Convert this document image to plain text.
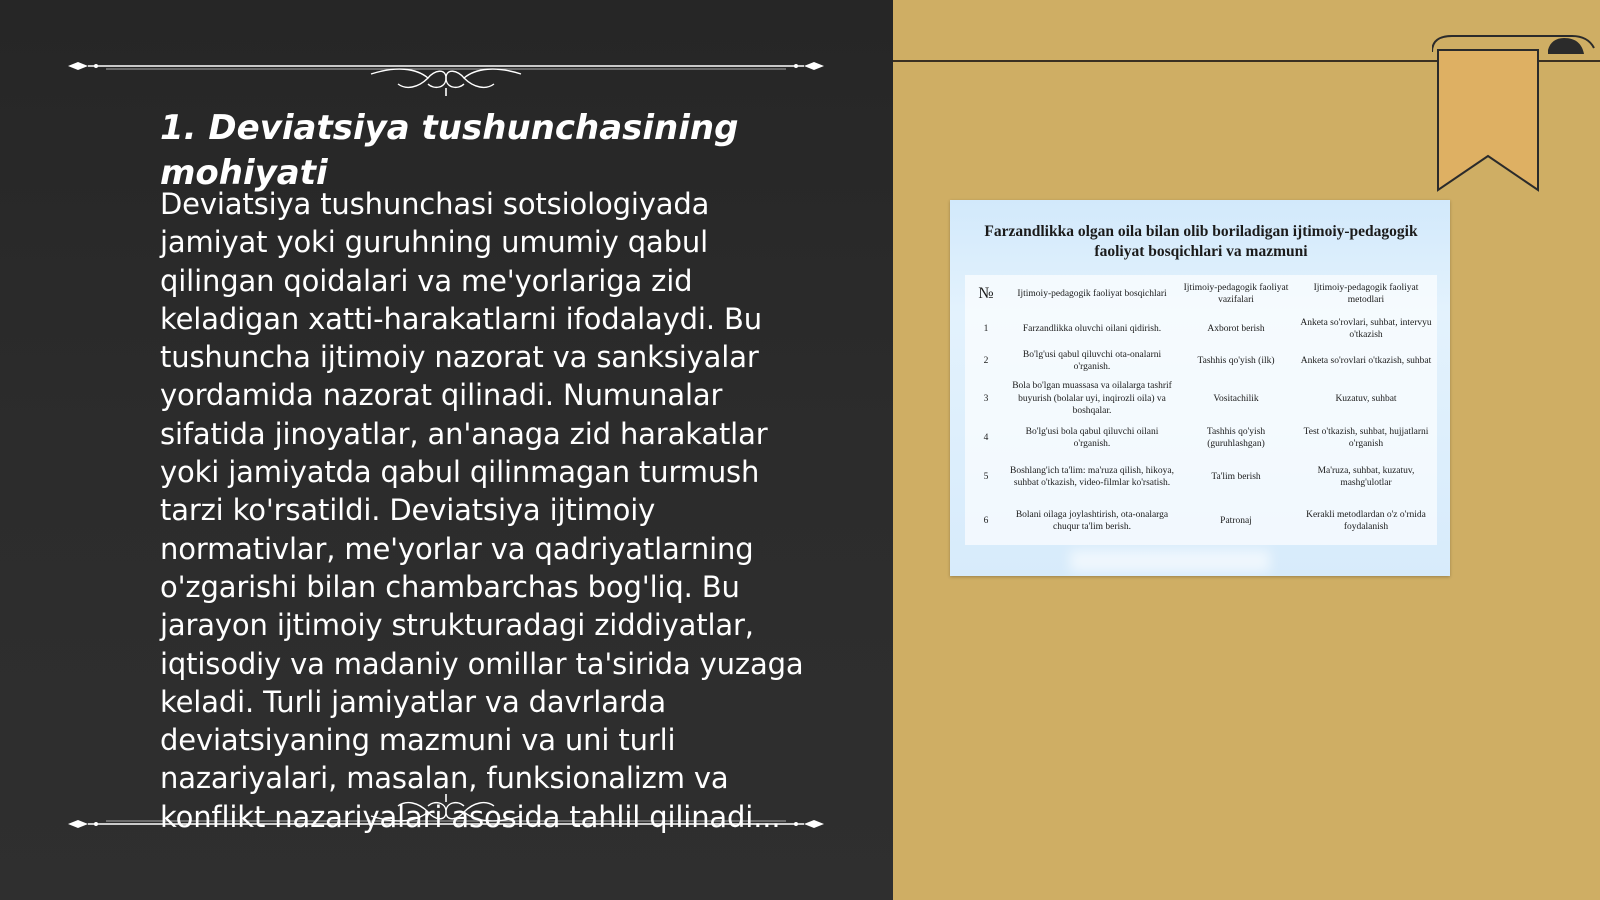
1. Deviatsiya tushunchasining mohiyati

Deviatsiya tushunchasi sotsiologiyada jamiyat yoki guruhning umumiy qabul qilingan qoidalari va me'yorlariga zid keladigan xatti-harakatlarni ifodalaydi. Bu tushuncha ijtimoiy nazorat va sanksiyalar yordamida nazorat qilinadi. Numunalar sifatida jinoyatlar, an'anaga zid harakatlar yoki jamiyatda qabul qilinmagan turmush tarzi ko'rsatildi. Deviatsiya ijtimoiy normativlar, me'yorlar va qadriyatlarning o'zgarishi bilan chambarchas bog'liq. Bu jarayon ijtimoiy strukturadagi ziddiyatlar, iqtisodiy va madaniy omillar ta'sirida yuzaga keladi. Turli jamiyatlar va davrlarda deviatsiyaning mazmuni va uni turli nazariyalari, masalan, funksionalizm va konflikt nazariyalari asosida tahlil qilinadi...

Farzandlikka olgan oila bilan olib boriladigan ijtimoiy-pedagogik faoliyat bosqichlari va mazmuni

№	Ijtimoiy-pedagogik faoliyat bosqichlari	Ijtimoiy-pedagogik faoliyat vazifalari	Ijtimoiy-pedagogik faoliyat metodlari
1	Farzandlikka oluvchi oilani qidirish.	Axborot berish	Anketa so'rovlari, suhbat, intervyu o'tkazish
2	Bo'lg'usi qabul qiluvchi ota-onalarni o'rganish.	Tashhis qo'yish (ilk)	Anketa so'rovlari o'tkazish, suhbat
3	Bola bo'lgan muassasa va oilalarga tashrif buyurish (bolalar uyi, inqirozli oila) va boshqalar.	Vositachilik	Kuzatuv, suhbat
4	Bo'lg'usi bola qabul qiluvchi oilani o'rganish.	Tashhis qo'yish (guruhlashgan)	Test o'tkazish, suhbat, hujjatlarni o'rganish
5	Boshlang'ich ta'lim: ma'ruza qilish, hikoya, suhbat o'tkazish, video-filmlar ko'rsatish.	Ta'lim berish	Ma'ruza, suhbat, kuzatuv, mashg'ulotlar
6	Bolani oilaga joylashtirish, ota-onalarga chuqur ta'lim berish.	Patronaj	Kerakli metodlardan o'z o'rnida foydalanish
